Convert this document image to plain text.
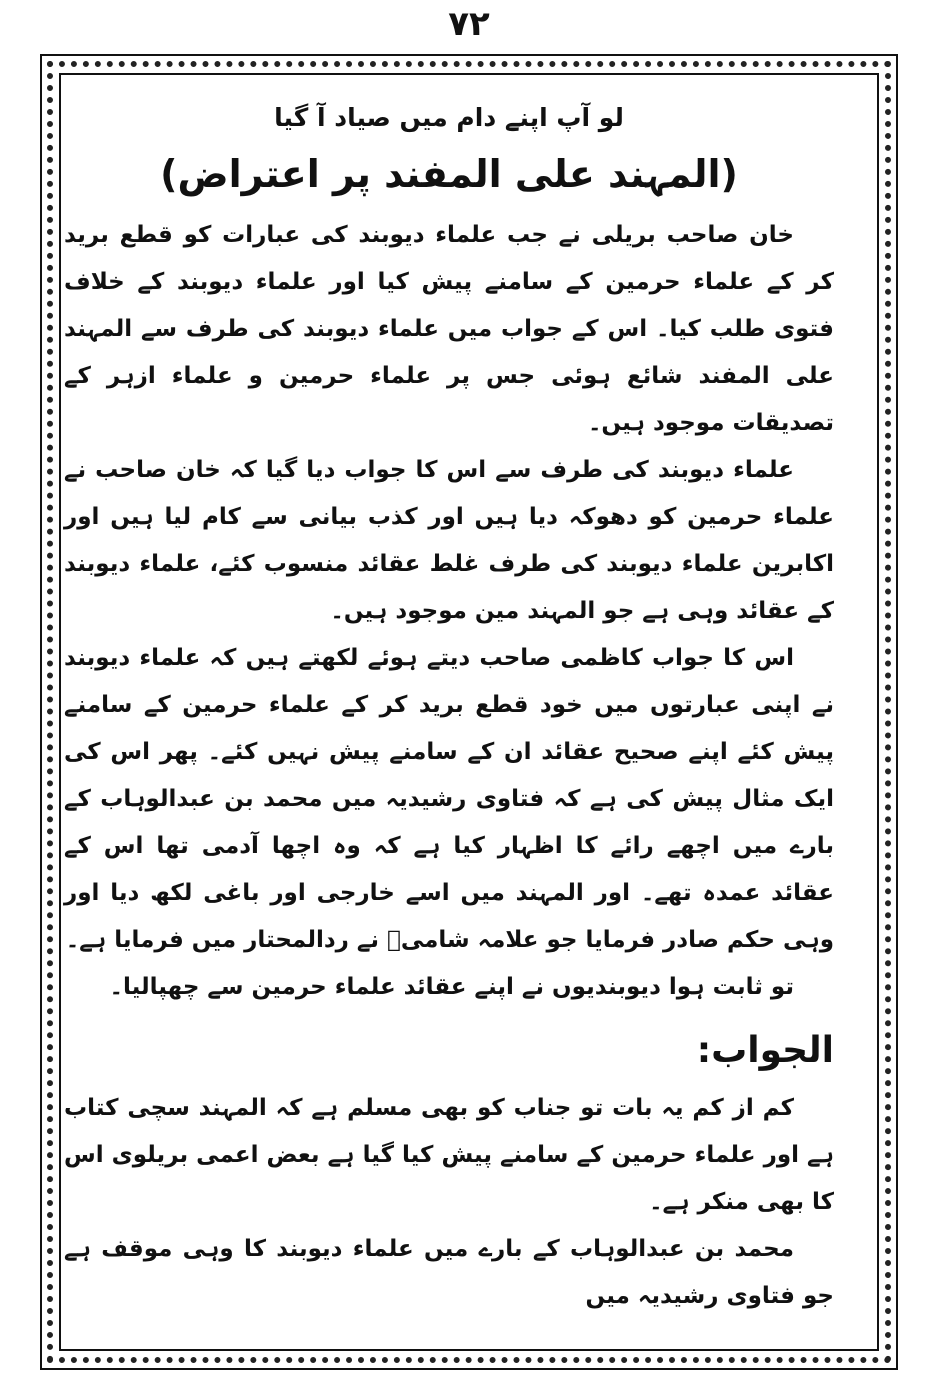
۷۲
لو آپ اپنے دام میں صیاد آ گیا
(المہند علی المفند پر اعتراض)

خان صاحب بریلی نے جب علماء دیوبند کی عبارات کو قطع برید کر کے علماء حرمین کے سامنے پیش کیا اور علماء دیوبند کے خلاف فتوی طلب کیا۔ اس کے جواب میں علماء دیوبند کی طرف سے المہند علی المفند شائع ہوئی جس پر علماء حرمین و علماء ازہر کے تصدیقات موجود ہیں۔

علماء دیوبند کی طرف سے اس کا جواب دیا گیا کہ خان صاحب نے علماء حرمین کو دھوکہ دیا ہیں اور کذب بیانی سے کام لیا ہیں اور اکابرین علماء دیوبند کی طرف غلط عقائد منسوب کئے، علماء دیوبند کے عقائد وہی ہے جو المہند مین موجود ہیں۔

اس کا جواب کاظمی صاحب دیتے ہوئے لکھتے ہیں کہ علماء دیوبند نے اپنی عبارتوں میں خود قطع برید کر کے علماء حرمین کے سامنے پیش کئے اپنے صحیح عقائد ان کے سامنے پیش نہیں کئے۔ پھر اس کی ایک مثال پیش کی ہے کہ فتاوی رشیدیہ میں محمد بن عبدالوہاب کے بارے میں اچھے رائے کا اظہار کیا ہے کہ وہ اچھا آدمی تھا اس کے عقائد عمدہ تھے۔ اور المہند میں اسے خارجی اور باغی لکھ دیا اور وہی حکم صادر فرمایا جو علامہ شامیؒ نے ردالمحتار میں فرمایا ہے۔

تو ثابت ہوا دیوبندیوں نے اپنے عقائد علماء حرمین سے چھپالیا۔

الجواب:

کم از کم یہ بات تو جناب کو بھی مسلم ہے کہ المہند سچی کتاب ہے اور علماء حرمین کے سامنے پیش کیا گیا ہے بعض اعمی بریلوی اس کا بھی منکر ہے۔

محمد بن عبدالوہاب کے بارے میں علماء دیوبند کا وہی موقف ہے جو فتاوی رشیدیہ میں
